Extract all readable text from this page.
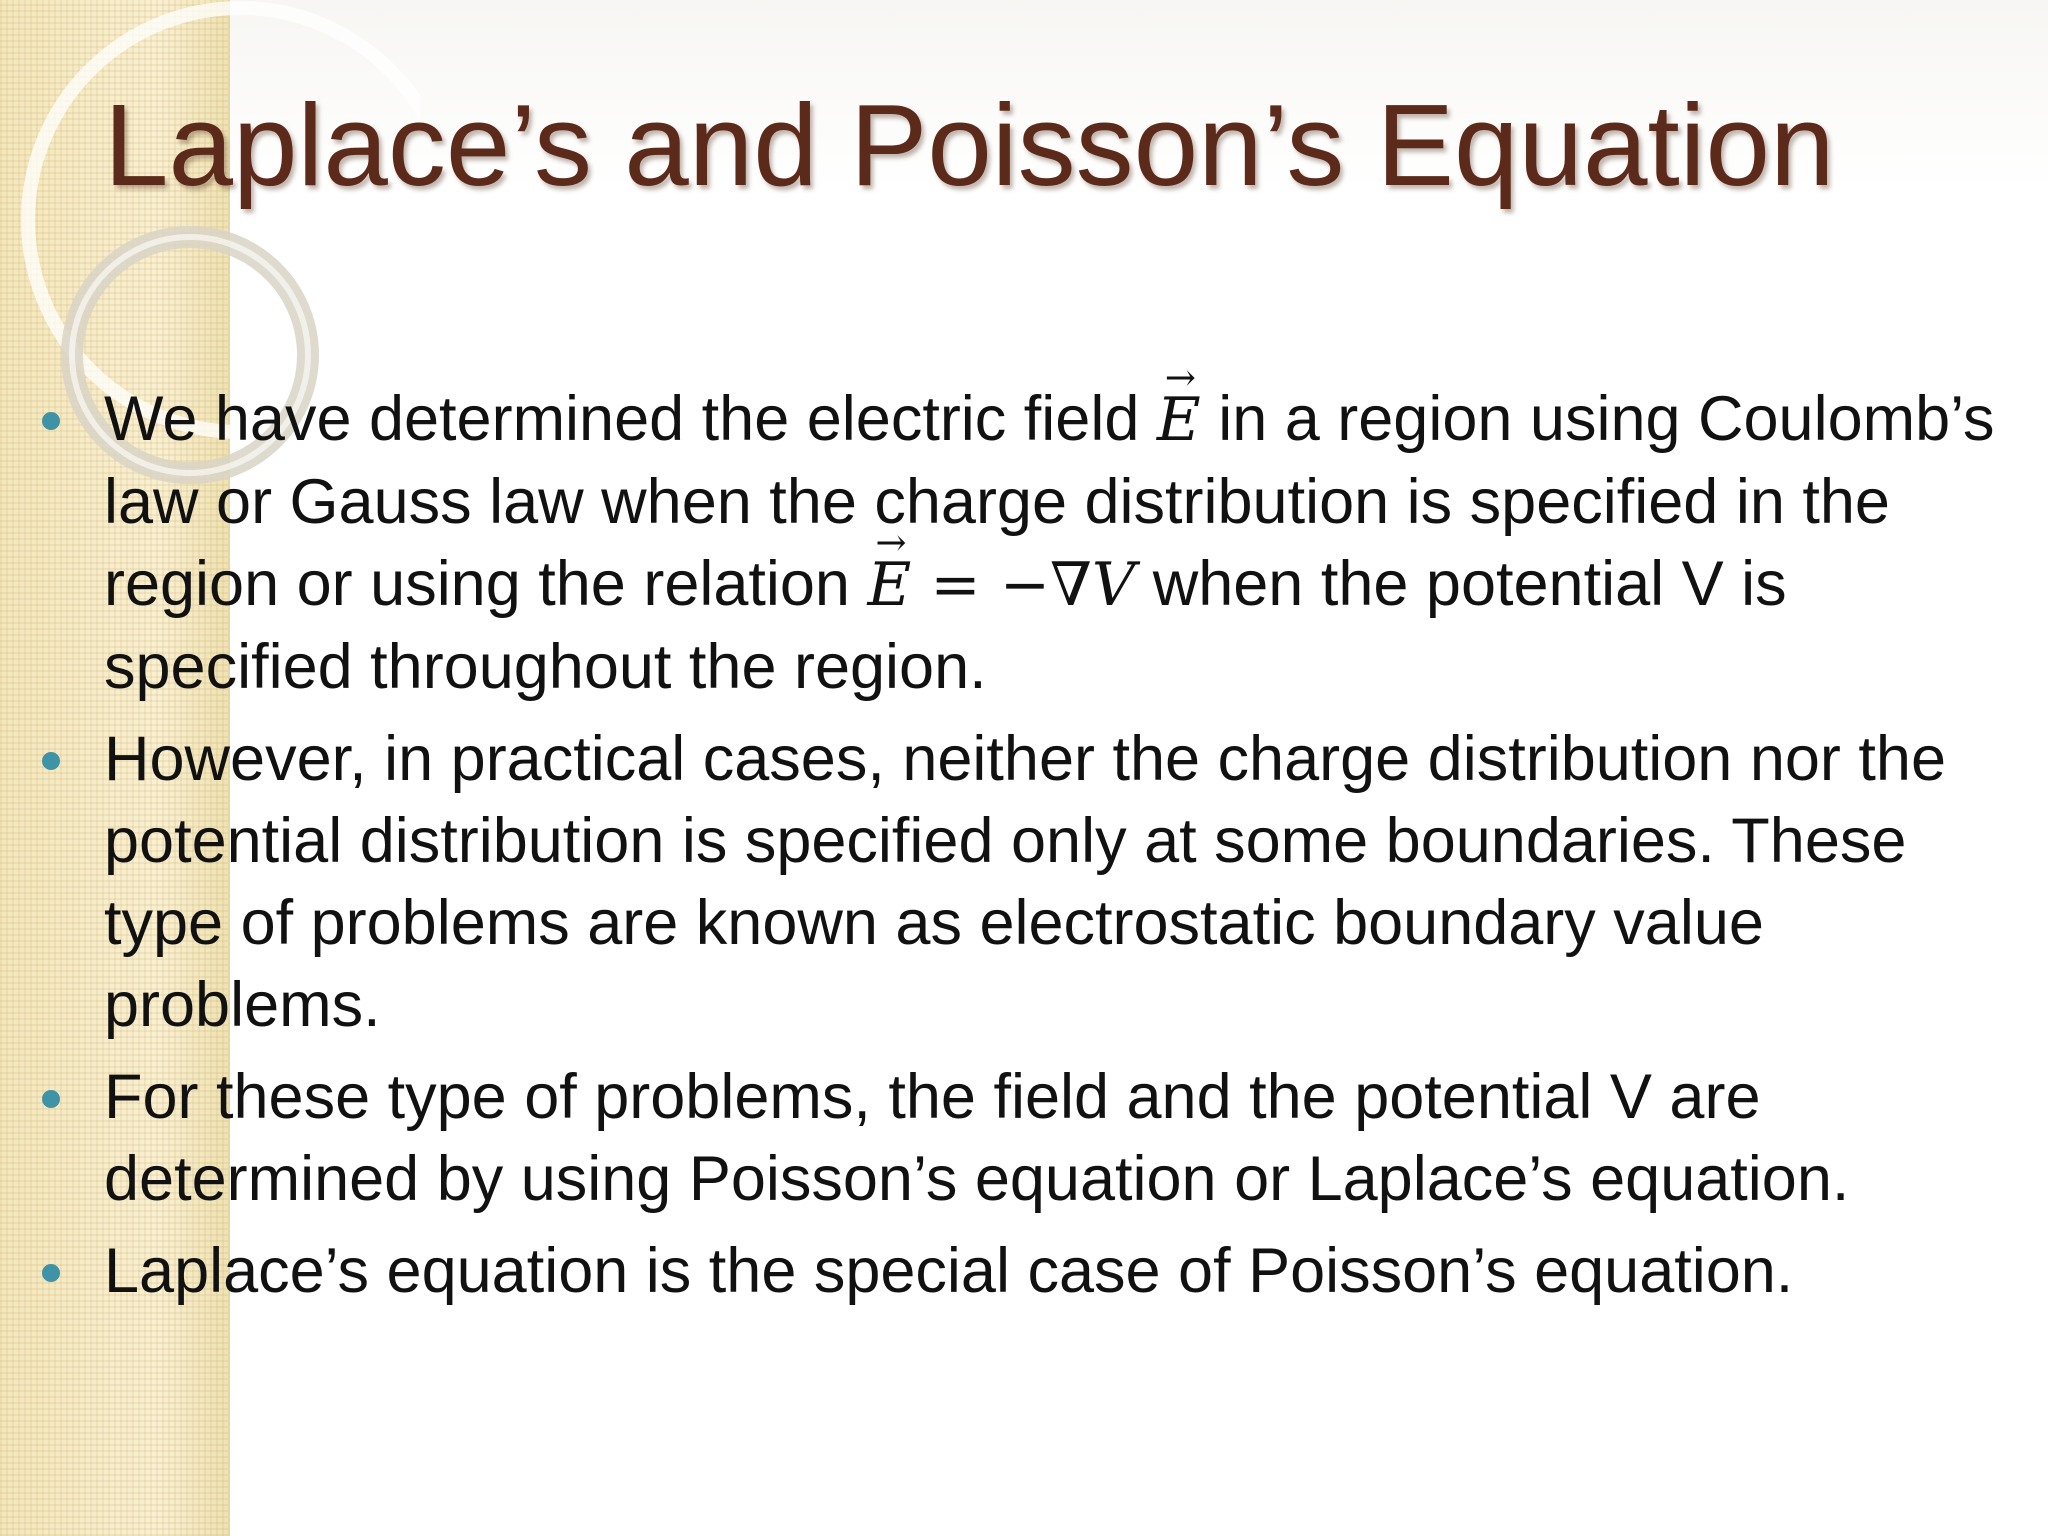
Laplace’s and Poisson’s Equation
We have determined the electric field → E in a region using Coulomb’s law or Gauss law when the charge distribution is specified in the region or using the relation → E = −∇V when the potential V is specified throughout the region.
However, in practical cases, neither the charge distribution nor the potential distribution is specified only at some boundaries. These type of problems are known as electrostatic boundary value problems.
For these type of problems, the field and the potential V are determined by using Poisson’s equation or Laplace’s equation.
Laplace’s equation is the special case of Poisson’s equation.
